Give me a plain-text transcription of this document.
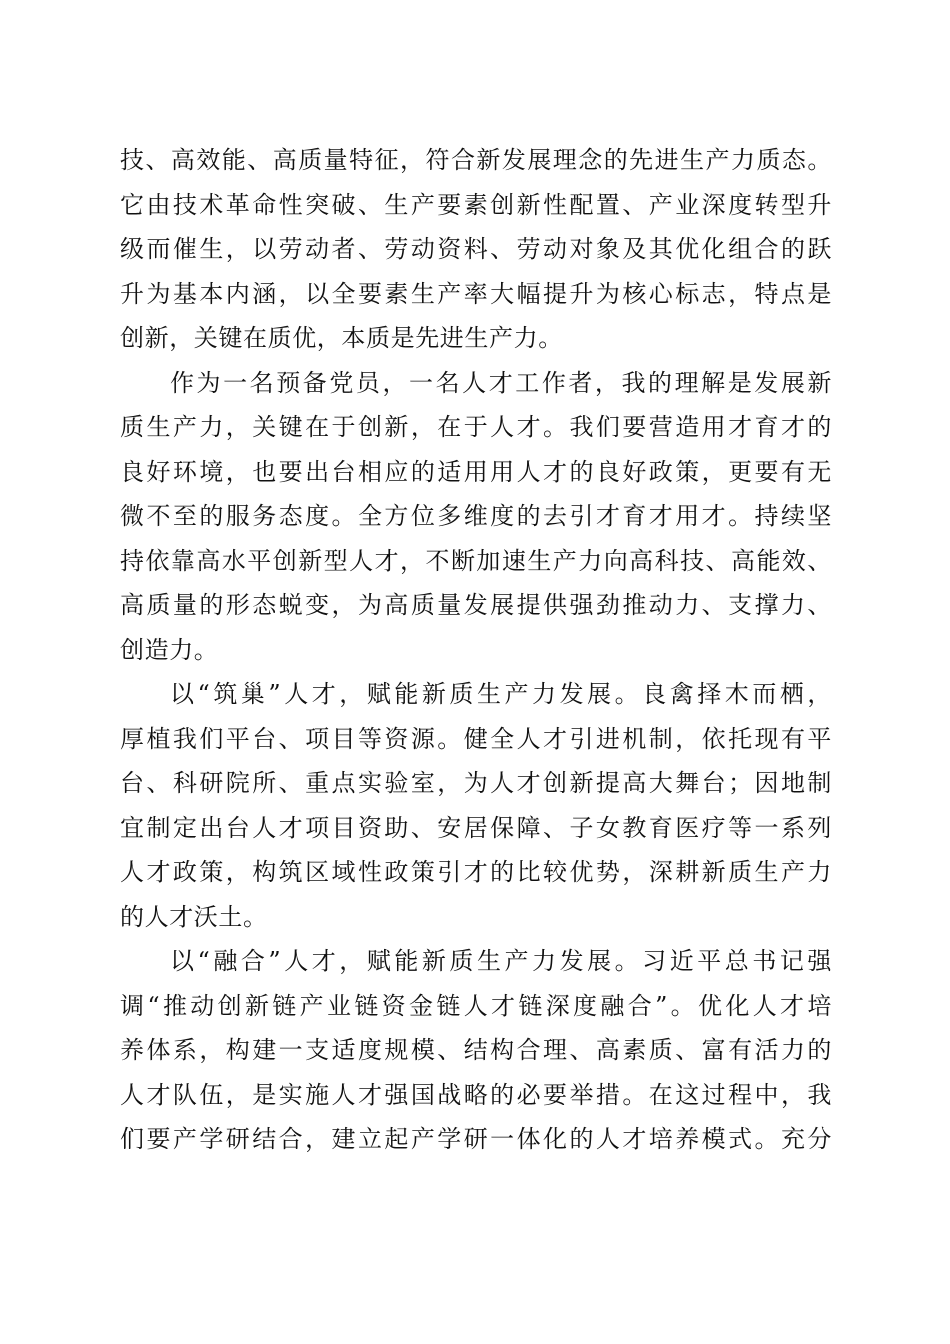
技、高效能、高质量特征，符合新发展理念的先进生产力质态。
它由技术革命性突破、生产要素创新性配置、产业深度转型升
级而催生，以劳动者、劳动资料、劳动对象及其优化组合的跃
升为基本内涵，以全要素生产率大幅提升为核心标志，特点是
创新，关键在质优，本质是先进生产力。
作为一名预备党员，一名人才工作者，我的理解是发展新
质生产力，关键在于创新，在于人才。我们要营造用才育才的
良好环境，也要出台相应的适用用人才的良好政策，更要有无
微不至的服务态度。全方位多维度的去引才育才用才。持续坚
持依靠高水平创新型人才，不断加速生产力向高科技、高能效、
高质量的形态蜕变，为高质量发展提供强劲推动力、支撑力、
创造力。
以“筑巢”人才，赋能新质生产力发展。良禽择木而栖，
厚植我们平台、项目等资源。健全人才引进机制，依托现有平
台、科研院所、重点实验室，为人才创新提高大舞台；因地制
宜制定出台人才项目资助、安居保障、子女教育医疗等一系列
人才政策，构筑区域性政策引才的比较优势，深耕新质生产力
的人才沃土。
以“融合”人才，赋能新质生产力发展。习近平总书记强
调“推动创新链产业链资金链人才链深度融合”。优化人才培
养体系，构建一支适度规模、结构合理、高素质、富有活力的
人才队伍，是实施人才强国战略的必要举措。在这过程中，我
们要产学研结合，建立起产学研一体化的人才培养模式。充分
